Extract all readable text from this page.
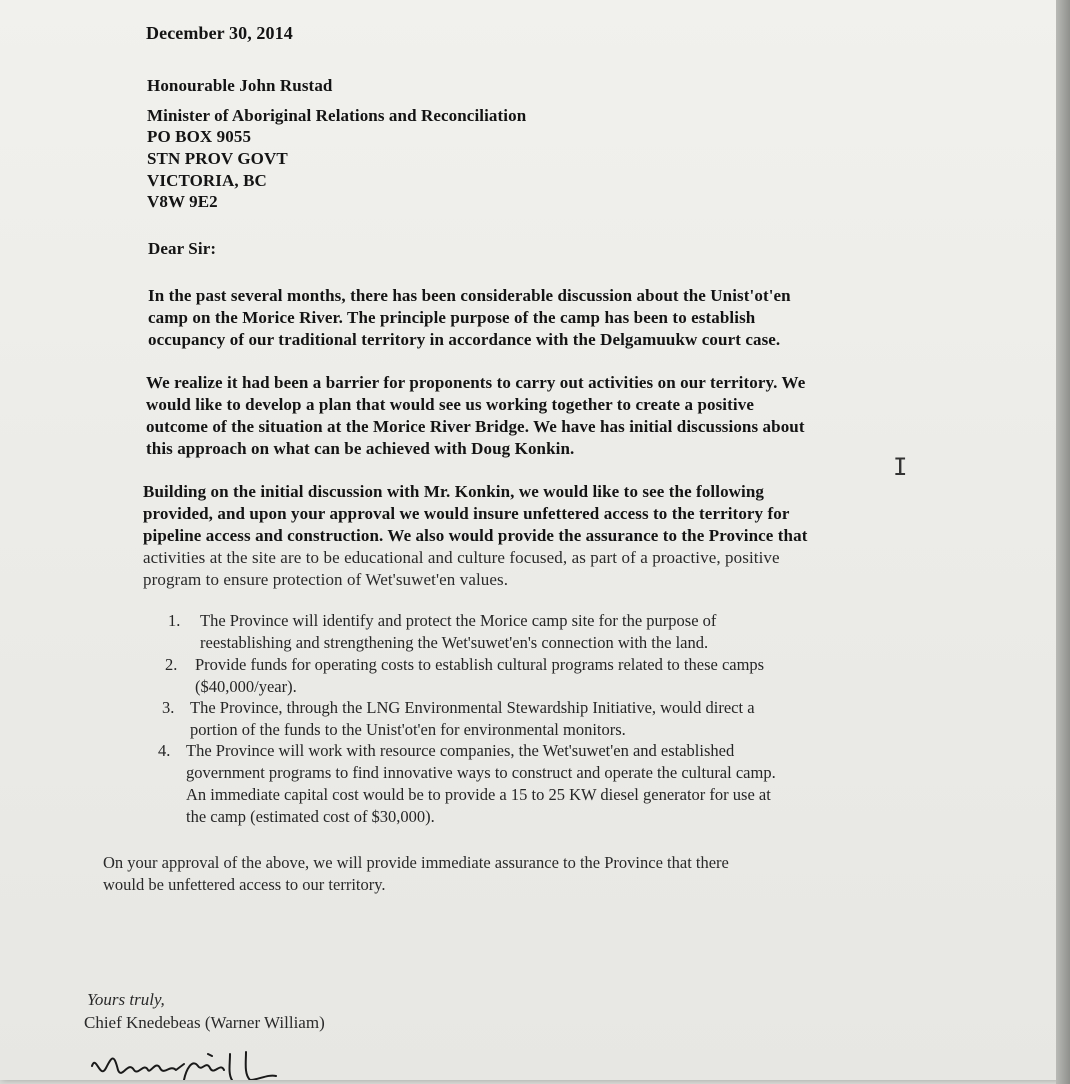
December 30, 2014
Honourable John Rustad
Minister of Aboriginal Relations and Reconciliation
PO BOX 9055
STN PROV GOVT
VICTORIA, BC
V8W 9E2
Dear Sir:
In the past several months, there has been considerable discussion about the Unist'ot'en
camp on the Morice River. The principle purpose of the camp has been to establish
occupancy of our traditional territory in accordance with the Delgamuukw court case.
We realize it had been a barrier for proponents to carry out activities on our territory. We
would like to develop a plan that would see us working together to create a positive
outcome of the situation at the Morice River Bridge. We have has initial discussions about
this approach on what can be achieved with Doug Konkin.
I
Building on the initial discussion with Mr. Konkin, we would like to see the following
provided, and upon your approval we would insure unfettered access to the territory for
pipeline access and construction. We also would provide the assurance to the Province that
activities at the site are to be educational and culture focused, as part of a proactive, positive
program to ensure protection of Wet'suwet'en values.
1. The Province will identify and protect the Morice camp site for the purpose of
reestablishing and strengthening the Wet'suwet'en's connection with the land.
2. Provide funds for operating costs to establish cultural programs related to these camps
($40,000/year).
3. The Province, through the LNG Environmental Stewardship Initiative, would direct a
portion of the funds to the Unist'ot'en for environmental monitors.
4. The Province will work with resource companies, the Wet'suwet'en and established
government programs to find innovative ways to construct and operate the cultural camp.
An immediate capital cost would be to provide a 15 to 25 KW diesel generator for use at
the camp (estimated cost of $30,000).
On your approval of the above, we will provide immediate assurance to the Province that there
would be unfettered access to our territory.
Yours truly,
Chief Knedebeas (Warner William)
